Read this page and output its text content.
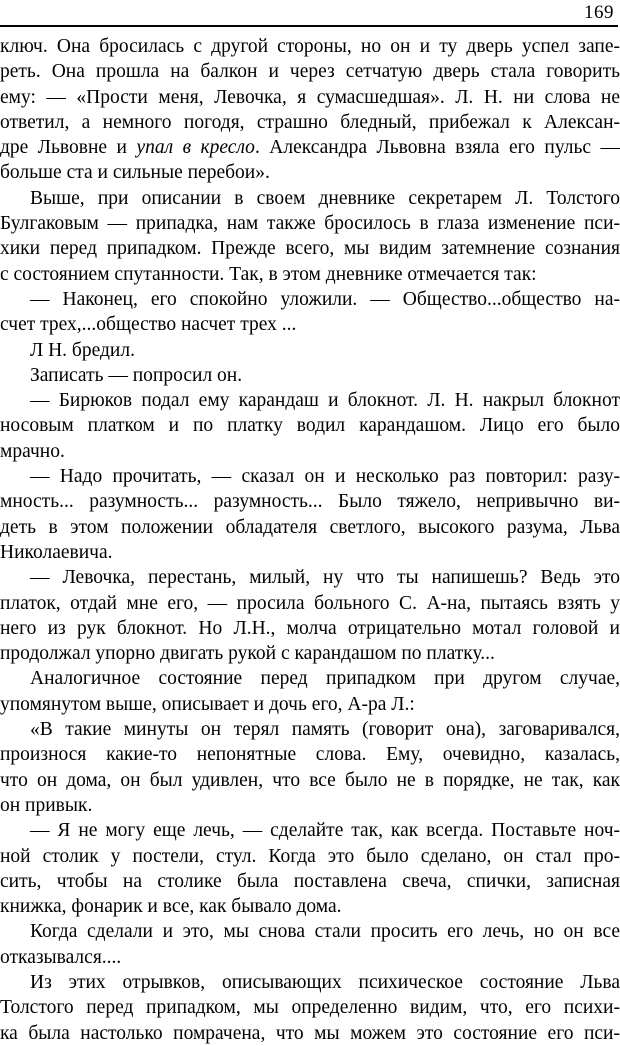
169
ключ. Она бросилась с другой стороны, но он и ту дверь успел запе-
реть. Она прошла на балкон и через сетчатую дверь стала говорить
ему: — «Прости меня, Левочка, я сумасшедшая». Л. Н. ни слова не
ответил, а немного погодя, страшно бледный, прибежал к Алексан-
дре Львовне и упал в кресло. Александра Львовна взяла его пульс —
больше ста и сильные перебои».
Выше, при описании в своем дневнике секретарем Л. Толстого
Булгаковым — припадка, нам также бросилось в глаза изменение пси-
хики перед припадком. Прежде всего, мы видим затемнение сознания
с состоянием спутанности. Так, в этом дневнике отмечается так:
— Наконец, его спокойно уложили. — Общество...общество на-
счет трех,...общество насчет трех ...
Л Н. бредил.
Записать — попросил он.
— Бирюков подал ему карандаш и блокнот. Л. Н. накрыл блокнот
носовым платком и по платку водил карандашом. Лицо его было
мрачно.
— Надо прочитать, — сказал он и несколько раз повторил: разу-
мность... разумность... разумность... Было тяжело, непривычно ви-
деть в этом положении обладателя светлого, высокого разума, Льва
Николаевича.
— Левочка, перестань, милый, ну что ты напишешь? Ведь это
платок, отдай мне его, — просила больного С. А-на, пытаясь взять у
него из рук блокнот. Но Л.Н., молча отрицательно мотал головой и
продолжал упорно двигать рукой с карандашом по платку...
Аналогичное состояние перед припадком при другом случае,
упомянутом выше, описывает и дочь его, А-ра Л.:
«В такие минуты он терял память (говорит она), заговаривался,
произнося какие-то непонятные слова. Ему, очевидно, казалась,
что он дома, он был удивлен, что все было не в порядке, не так, как
он привык.
— Я не могу еще лечь, — сделайте так, как всегда. Поставьте ноч-
ной столик у постели, стул. Когда это было сделано, он стал про-
сить, чтобы на столике была поставлена свеча, спички, записная
книжка, фонарик и все, как бывало дома.
Когда сделали и это, мы снова стали просить его лечь, но он все
отказывался....
Из этих отрывков, описывающих психическое состояние Льва
Толстого перед припадком, мы определенно видим, что, его психи-
ка была настолько помрачена, что мы можем это состояние его пси-
